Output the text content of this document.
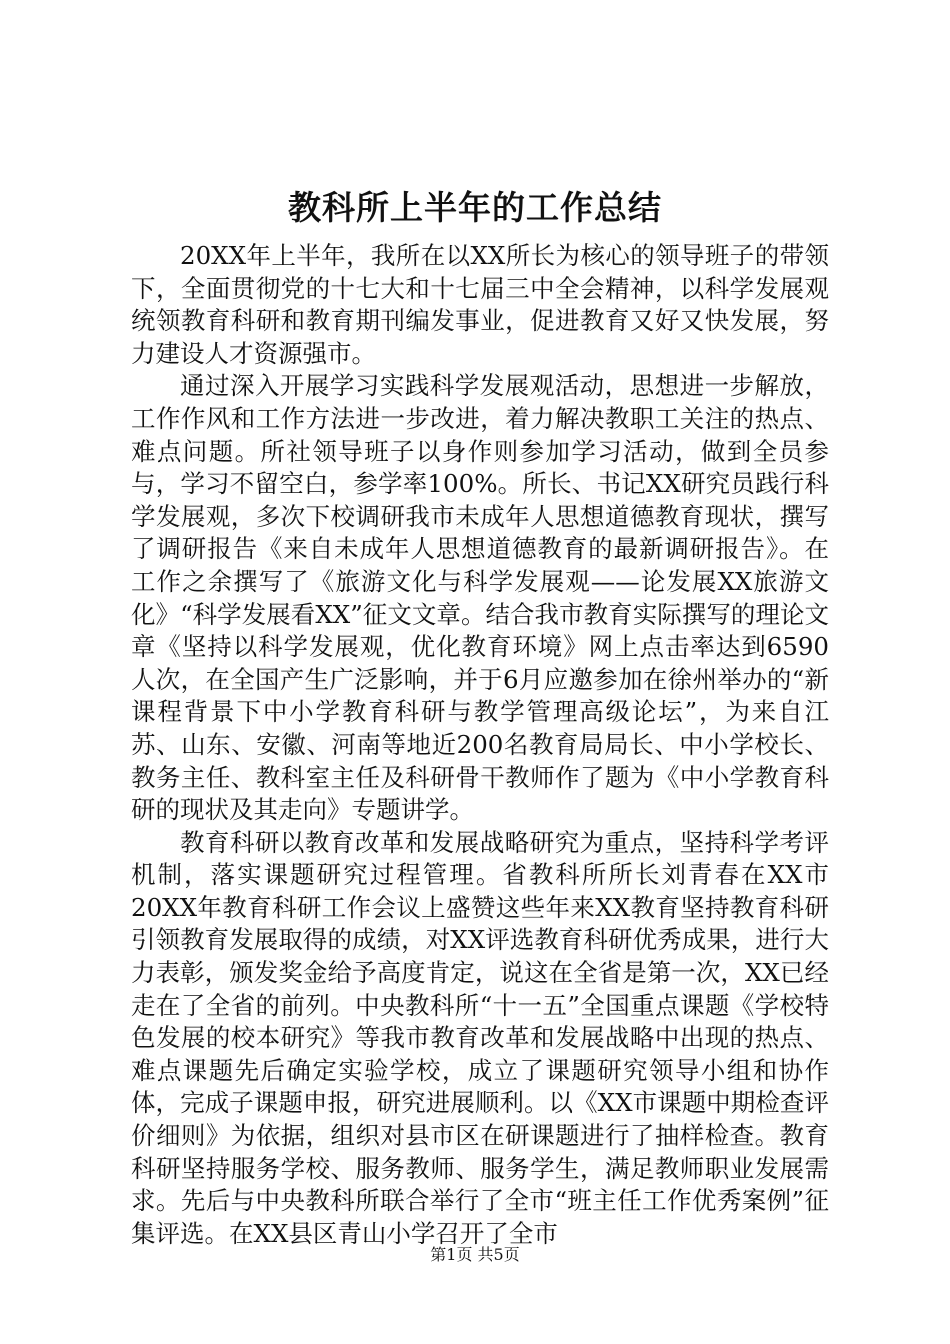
教科所上半年的工作总结

20XX年上半年，我所在以XX所长为核心的领导班子的带领下，全面贯彻党的十七大和十七届三中全会精神，以科学发展观统领教育科研和教育期刊编发事业，促进教育又好又快发展，努力建设人才资源强市。

通过深入开展学习实践科学发展观活动，思想进一步解放，工作作风和工作方法进一步改进，着力解决教职工关注的热点、难点问题。所社领导班子以身作则参加学习活动，做到全员参与，学习不留空白，参学率100%。所长、书记XX研究员践行科学发展观，多次下校调研我市未成年人思想道德教育现状，撰写了调研报告《来自未成年人思想道德教育的最新调研报告》。在工作之余撰写了《旅游文化与科学发展观——论发展XX旅游文化》“科学发展看XX”征文文章。结合我市教育实际撰写的理论文章《坚持以科学发展观，优化教育环境》网上点击率达到6590人次，在全国产生广泛影响，并于6月应邀参加在徐州举办的“新课程背景下中小学教育科研与教学管理高级论坛”，为来自江苏、山东、安徽、河南等地近200名教育局局长、中小学校长、教务主任、教科室主任及科研骨干教师作了题为《中小学教育科研的现状及其走向》专题讲学。

教育科研以教育改革和发展战略研究为重点，坚持科学考评机制，落实课题研究过程管理。省教科所所长刘青春在XX市20XX年教育科研工作会议上盛赞这些年来XX教育坚持教育科研引领教育发展取得的成绩，对XX评选教育科研优秀成果，进行大力表彰，颁发奖金给予高度肯定，说这在全省是第一次，XX已经走在了全省的前列。中央教科所“十一五”全国重点课题《学校特色发展的校本研究》等我市教育改革和发展战略中出现的热点、难点课题先后确定实验学校，成立了课题研究领导小组和协作体，完成子课题申报，研究进展顺利。以《XX市课题中期检查评价细则》为依据，组织对县市区在研课题进行了抽样检查。教育科研坚持服务学校、服务教师、服务学生，满足教师职业发展需求。先后与中央教科所联合举行了全市“班主任工作优秀案例”征集评选。在XX县区青山小学召开了全市

第1页 共5页
